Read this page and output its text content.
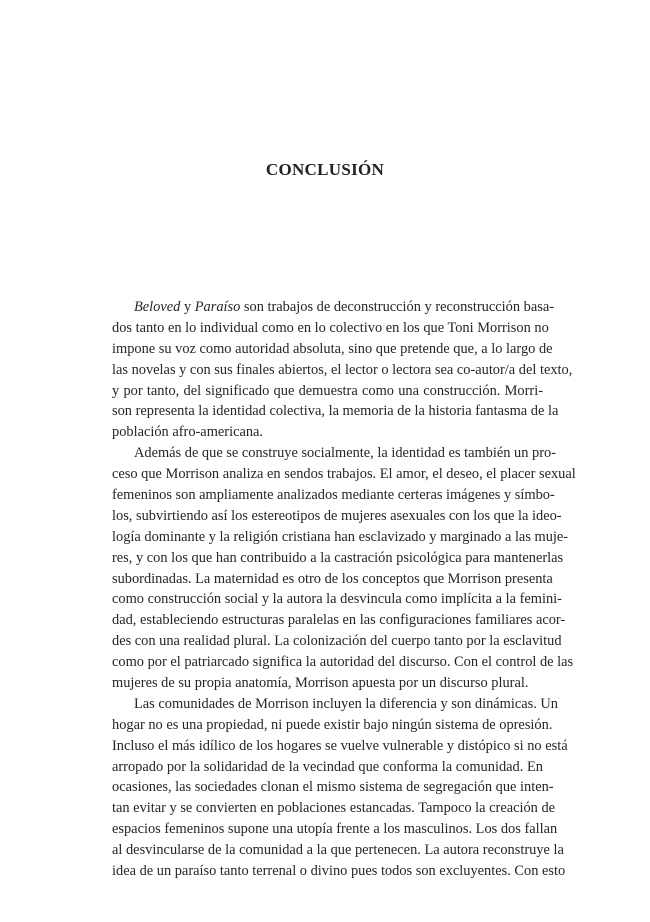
CONCLUSIÓN
Beloved y Paraíso son trabajos de deconstrucción y reconstrucción basa-
dos tanto en lo individual como en lo colectivo en los que Toni Morrison no
impone su voz como autoridad absoluta, sino que pretende que, a lo largo de
las novelas y con sus finales abiertos, el lector o lectora sea co-autor/a del texto,
y por tanto, del significado que demuestra como una construcción. Morri-
son representa la identidad colectiva, la memoria de la historia fantasma de la
población afro-americana.
Además de que se construye socialmente, la identidad es también un pro-
ceso que Morrison analiza en sendos trabajos. El amor, el deseo, el placer sexual
femeninos son ampliamente analizados mediante certeras imágenes y símbo-
los, subvirtiendo así los estereotipos de mujeres asexuales con los que la ideo-
logía dominante y la religión cristiana han esclavizado y marginado a las muje-
res, y con los que han contribuido a la castración psicológica para mantenerlas
subordinadas. La maternidad es otro de los conceptos que Morrison presenta
como construcción social y la autora la desvincula como implícita a la femini-
dad, estableciendo estructuras paralelas en las configuraciones familiares acor-
des con una realidad plural. La colonización del cuerpo tanto por la esclavitud
como por el patriarcado significa la autoridad del discurso. Con el control de las
mujeres de su propia anatomía, Morrison apuesta por un discurso plural.
Las comunidades de Morrison incluyen la diferencia y son dinámicas. Un
hogar no es una propiedad, ni puede existir bajo ningún sistema de opresión.
Incluso el más idílico de los hogares se vuelve vulnerable y distópico si no está
arropado por la solidaridad de la vecindad que conforma la comunidad. En
ocasiones, las sociedades clonan el mismo sistema de segregación que inten-
tan evitar y se convierten en poblaciones estancadas. Tampoco la creación de
espacios femeninos supone una utopía frente a los masculinos. Los dos fallan
al desvincularse de la comunidad a la que pertenecen. La autora reconstruye la
idea de un paraíso tanto terrenal o divino pues todos son excluyentes. Con esto
